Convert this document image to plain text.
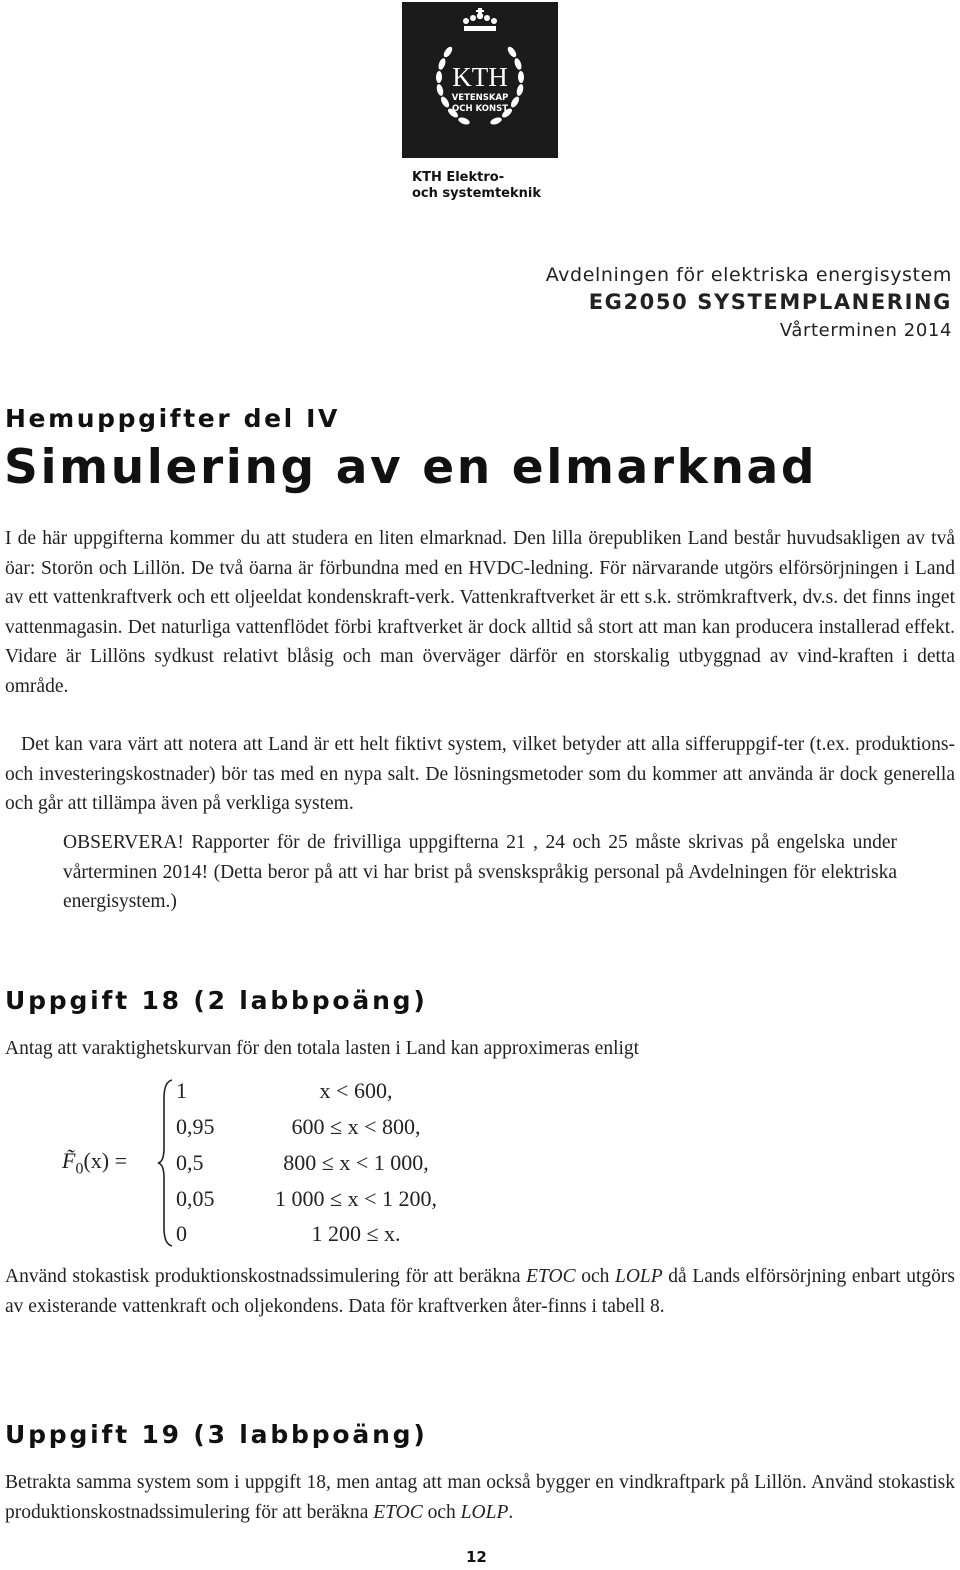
KTH
VETENSKAP
OCH KONST
KTH Elektro-
och systemteknik
Avdelningen för elektriska energisystem
EG2050 SYSTEMPLANERING
Vårterminen 2014
Hemuppgifter del IV
Simulering av en elmarknad
I de här uppgifterna kommer du att studera en liten elmarknad. Den lilla örepubliken Land består huvudsakligen av två öar: Storön och Lillön. De två öarna är förbundna med en HVDC-ledning. För närvarande utgörs elförsörjningen i Land av ett vattenkraftverk och ett oljeeldat kondenskraft-verk. Vattenkraftverket är ett s.k. strömkraftverk, dv.s. det finns inget vattenmagasin. Det naturliga vattenflödet förbi kraftverket är dock alltid så stort att man kan producera installerad effekt. Vidare är Lillöns sydkust relativt blåsig och man överväger därför en storskalig utbyggnad av vind-kraften i detta område.
Det kan vara värt att notera att Land är ett helt fiktivt system, vilket betyder att alla sifferuppgif-ter (t.ex. produktions- och investeringskostnader) bör tas med en nypa salt. De lösningsmetoder som du kommer att använda är dock generella och går att tillämpa även på verkliga system.
OBSERVERA! Rapporter för de frivilliga uppgifterna 21 , 24 och 25 måste skrivas på engelska under vårterminen 2014! (Detta beror på att vi har brist på svenskspråkig personal på Avdelningen för elektriska energisystem.)
Uppgift 18 (2 labbpoäng)
Antag att varaktighetskurvan för den totala lasten i Land kan approximeras enligt
$F̃_0(x)$ =
1	x < 600,
0,95	600 ≤ x < 800,
0,5	800 ≤ x < 1 000,
0,05	1 000 ≤ x < 1 200,
0	1 200 ≤ x.
Använd stokastisk produktionskostnadssimulering för att beräkna ETOC och LOLP då Lands elförsörjning enbart utgörs av existerande vattenkraft och oljekondens. Data för kraftverken åter-finns i tabell 8.
Uppgift 19 (3 labbpoäng)
Betrakta samma system som i uppgift 18, men antag att man också bygger en vindkraftpark på Lillön. Använd stokastisk produktionskostnadssimulering för att beräkna ETOC och LOLP.
12
